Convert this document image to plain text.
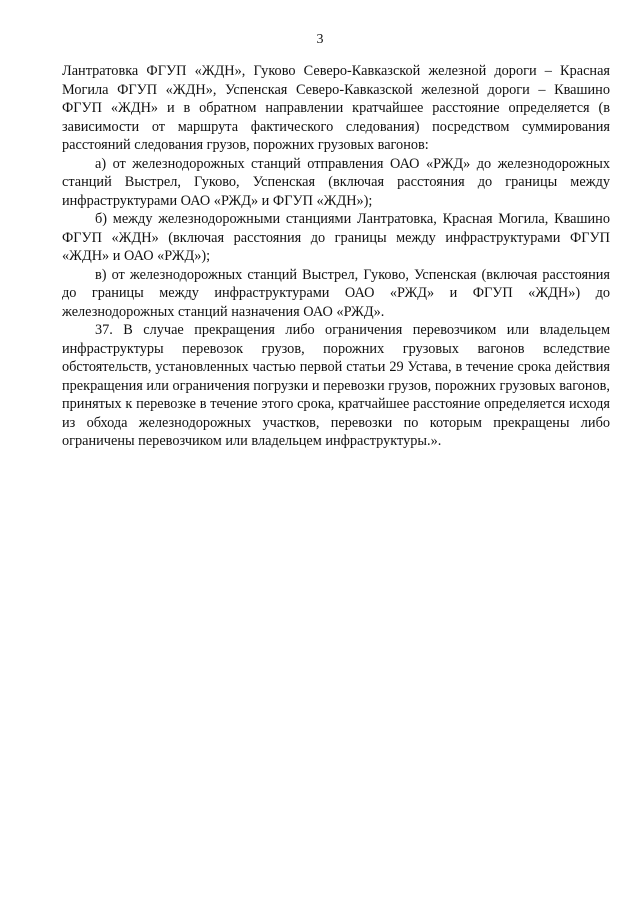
3

Лантратовка ФГУП «ЖДН», Гуково Северо-Кавказской железной дороги – Красная Могила ФГУП «ЖДН», Успенская Северо-Кавказской железной дороги – Квашино ФГУП «ЖДН» и в обратном направлении кратчайшее расстояние определяется (в зависимости от маршрута фактического следования) посредством суммирования расстояний следования грузов, порожних грузовых вагонов:

а) от железнодорожных станций отправления ОАО «РЖД» до железнодорожных станций Выстрел, Гуково, Успенская (включая расстояния до границы между инфраструктурами ОАО «РЖД» и ФГУП «ЖДН»);

б) между железнодорожными станциями Лантратовка, Красная Могила, Квашино ФГУП «ЖДН» (включая расстояния до границы между инфраструктурами ФГУП «ЖДН» и ОАО «РЖД»);

в) от железнодорожных станций Выстрел, Гуково, Успенская (включая расстояния до границы между инфраструктурами ОАО «РЖД» и ФГУП «ЖДН») до железнодорожных станций назначения ОАО «РЖД».

37. В случае прекращения либо ограничения перевозчиком или владельцем инфраструктуры перевозок грузов, порожних грузовых вагонов вследствие обстоятельств, установленных частью первой статьи 29 Устава, в течение срока действия прекращения или ограничения погрузки и перевозки грузов, порожних грузовых вагонов, принятых к перевозке в течение этого срока, кратчайшее расстояние определяется исходя из обхода железнодорожных участков, перевозки по которым прекращены либо ограничены перевозчиком или владельцем инфраструктуры.».
